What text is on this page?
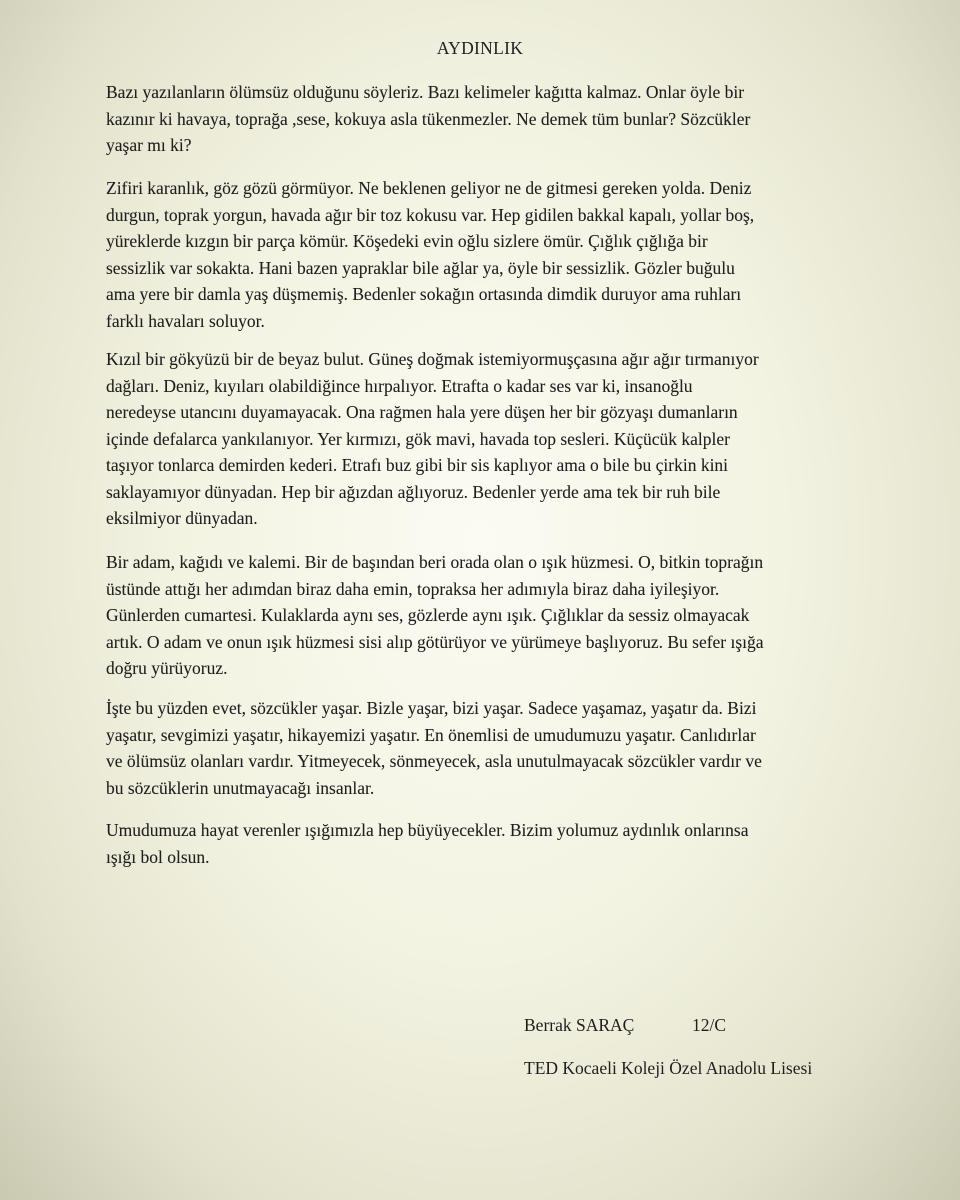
AYDINLIK

Bazı yazılanların ölümsüz olduğunu söyleriz. Bazı kelimeler kağıtta kalmaz. Onlar öyle bir
kazınır ki havaya, toprağa ,sese, kokuya asla tükenmezler. Ne demek tüm bunlar? Sözcükler
yaşar mı ki?

Zifiri karanlık, göz gözü görmüyor. Ne beklenen geliyor ne de gitmesi gereken yolda. Deniz
durgun, toprak yorgun, havada ağır bir toz kokusu var. Hep gidilen bakkal kapalı, yollar boş,
yüreklerde kızgın bir parça kömür. Köşedeki evin oğlu sizlere ömür. Çığlık çığlığa bir
sessizlik var sokakta. Hani bazen yapraklar bile ağlar ya, öyle bir sessizlik. Gözler buğulu
ama yere bir damla yaş düşmemiş. Bedenler sokağın ortasında dimdik duruyor ama ruhları
farklı havaları soluyor.

Kızıl bir gökyüzü bir de beyaz bulut. Güneş doğmak istemiyormuşçasına ağır ağır tırmanıyor
dağları. Deniz, kıyıları olabildiğince hırpalıyor. Etrafta o kadar ses var ki, insanoğlu
neredeyse utancını duyamayacak. Ona rağmen hala yere düşen her bir gözyaşı dumanların
içinde defalarca yankılanıyor. Yer kırmızı, gök mavi, havada top sesleri. Küçücük kalpler
taşıyor tonlarca demirden kederi. Etrafı buz gibi bir sis kaplıyor ama o bile bu çirkin kini
saklayamıyor dünyadan. Hep bir ağızdan ağlıyoruz. Bedenler yerde ama tek bir ruh bile
eksilmiyor dünyadan.

Bir adam, kağıdı ve kalemi. Bir de başından beri orada olan o ışık hüzmesi. O, bitkin toprağın
üstünde attığı her adımdan biraz daha emin, topraksa her adımıyla biraz daha iyileşiyor.
Günlerden cumartesi. Kulaklarda aynı ses, gözlerde aynı ışık. Çığlıklar da sessiz olmayacak
artık. O adam ve onun ışık hüzmesi sisi alıp götürüyor ve yürümeye başlıyoruz. Bu sefer ışığa
doğru yürüyoruz.

İşte bu yüzden evet, sözcükler yaşar. Bizle yaşar, bizi yaşar. Sadece yaşamaz, yaşatır da. Bizi
yaşatır, sevgimizi yaşatır, hikayemizi yaşatır. En önemlisi de umudumuzu yaşatır. Canlıdırlar
ve ölümsüz olanları vardır. Yitmeyecek, sönmeyecek, asla unutulmayacak sözcükler vardır ve
bu sözcüklerin unutmayacağı insanlar.

Umudumuza hayat verenler ışığımızla hep büyüyecekler. Bizim yolumuz aydınlık onlarınsa
ışığı bol olsun.

Berrak SARAÇ	12/C

TED Kocaeli Koleji Özel Anadolu Lisesi
